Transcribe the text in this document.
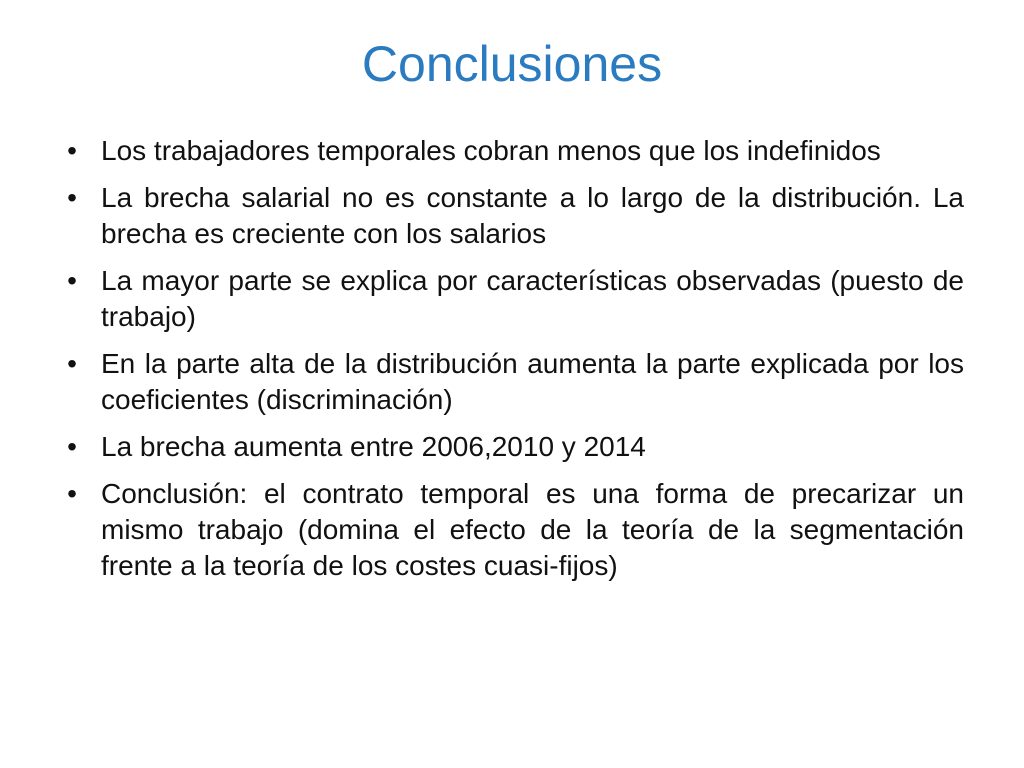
Conclusiones
• Los trabajadores temporales cobran menos que los indefinidos
• La brecha salarial no es constante a lo largo de la distribución. La brecha es creciente con los salarios
• La mayor parte se explica por características observadas (puesto de trabajo)
• En la parte alta de la distribución aumenta la parte explicada por los coeficientes (discriminación)
• La brecha aumenta entre 2006,2010 y 2014
• Conclusión: el contrato temporal es una forma de precarizar un mismo trabajo (domina el efecto de la teoría de la segmentación frente a la teoría de los costes cuasi-fijos)
